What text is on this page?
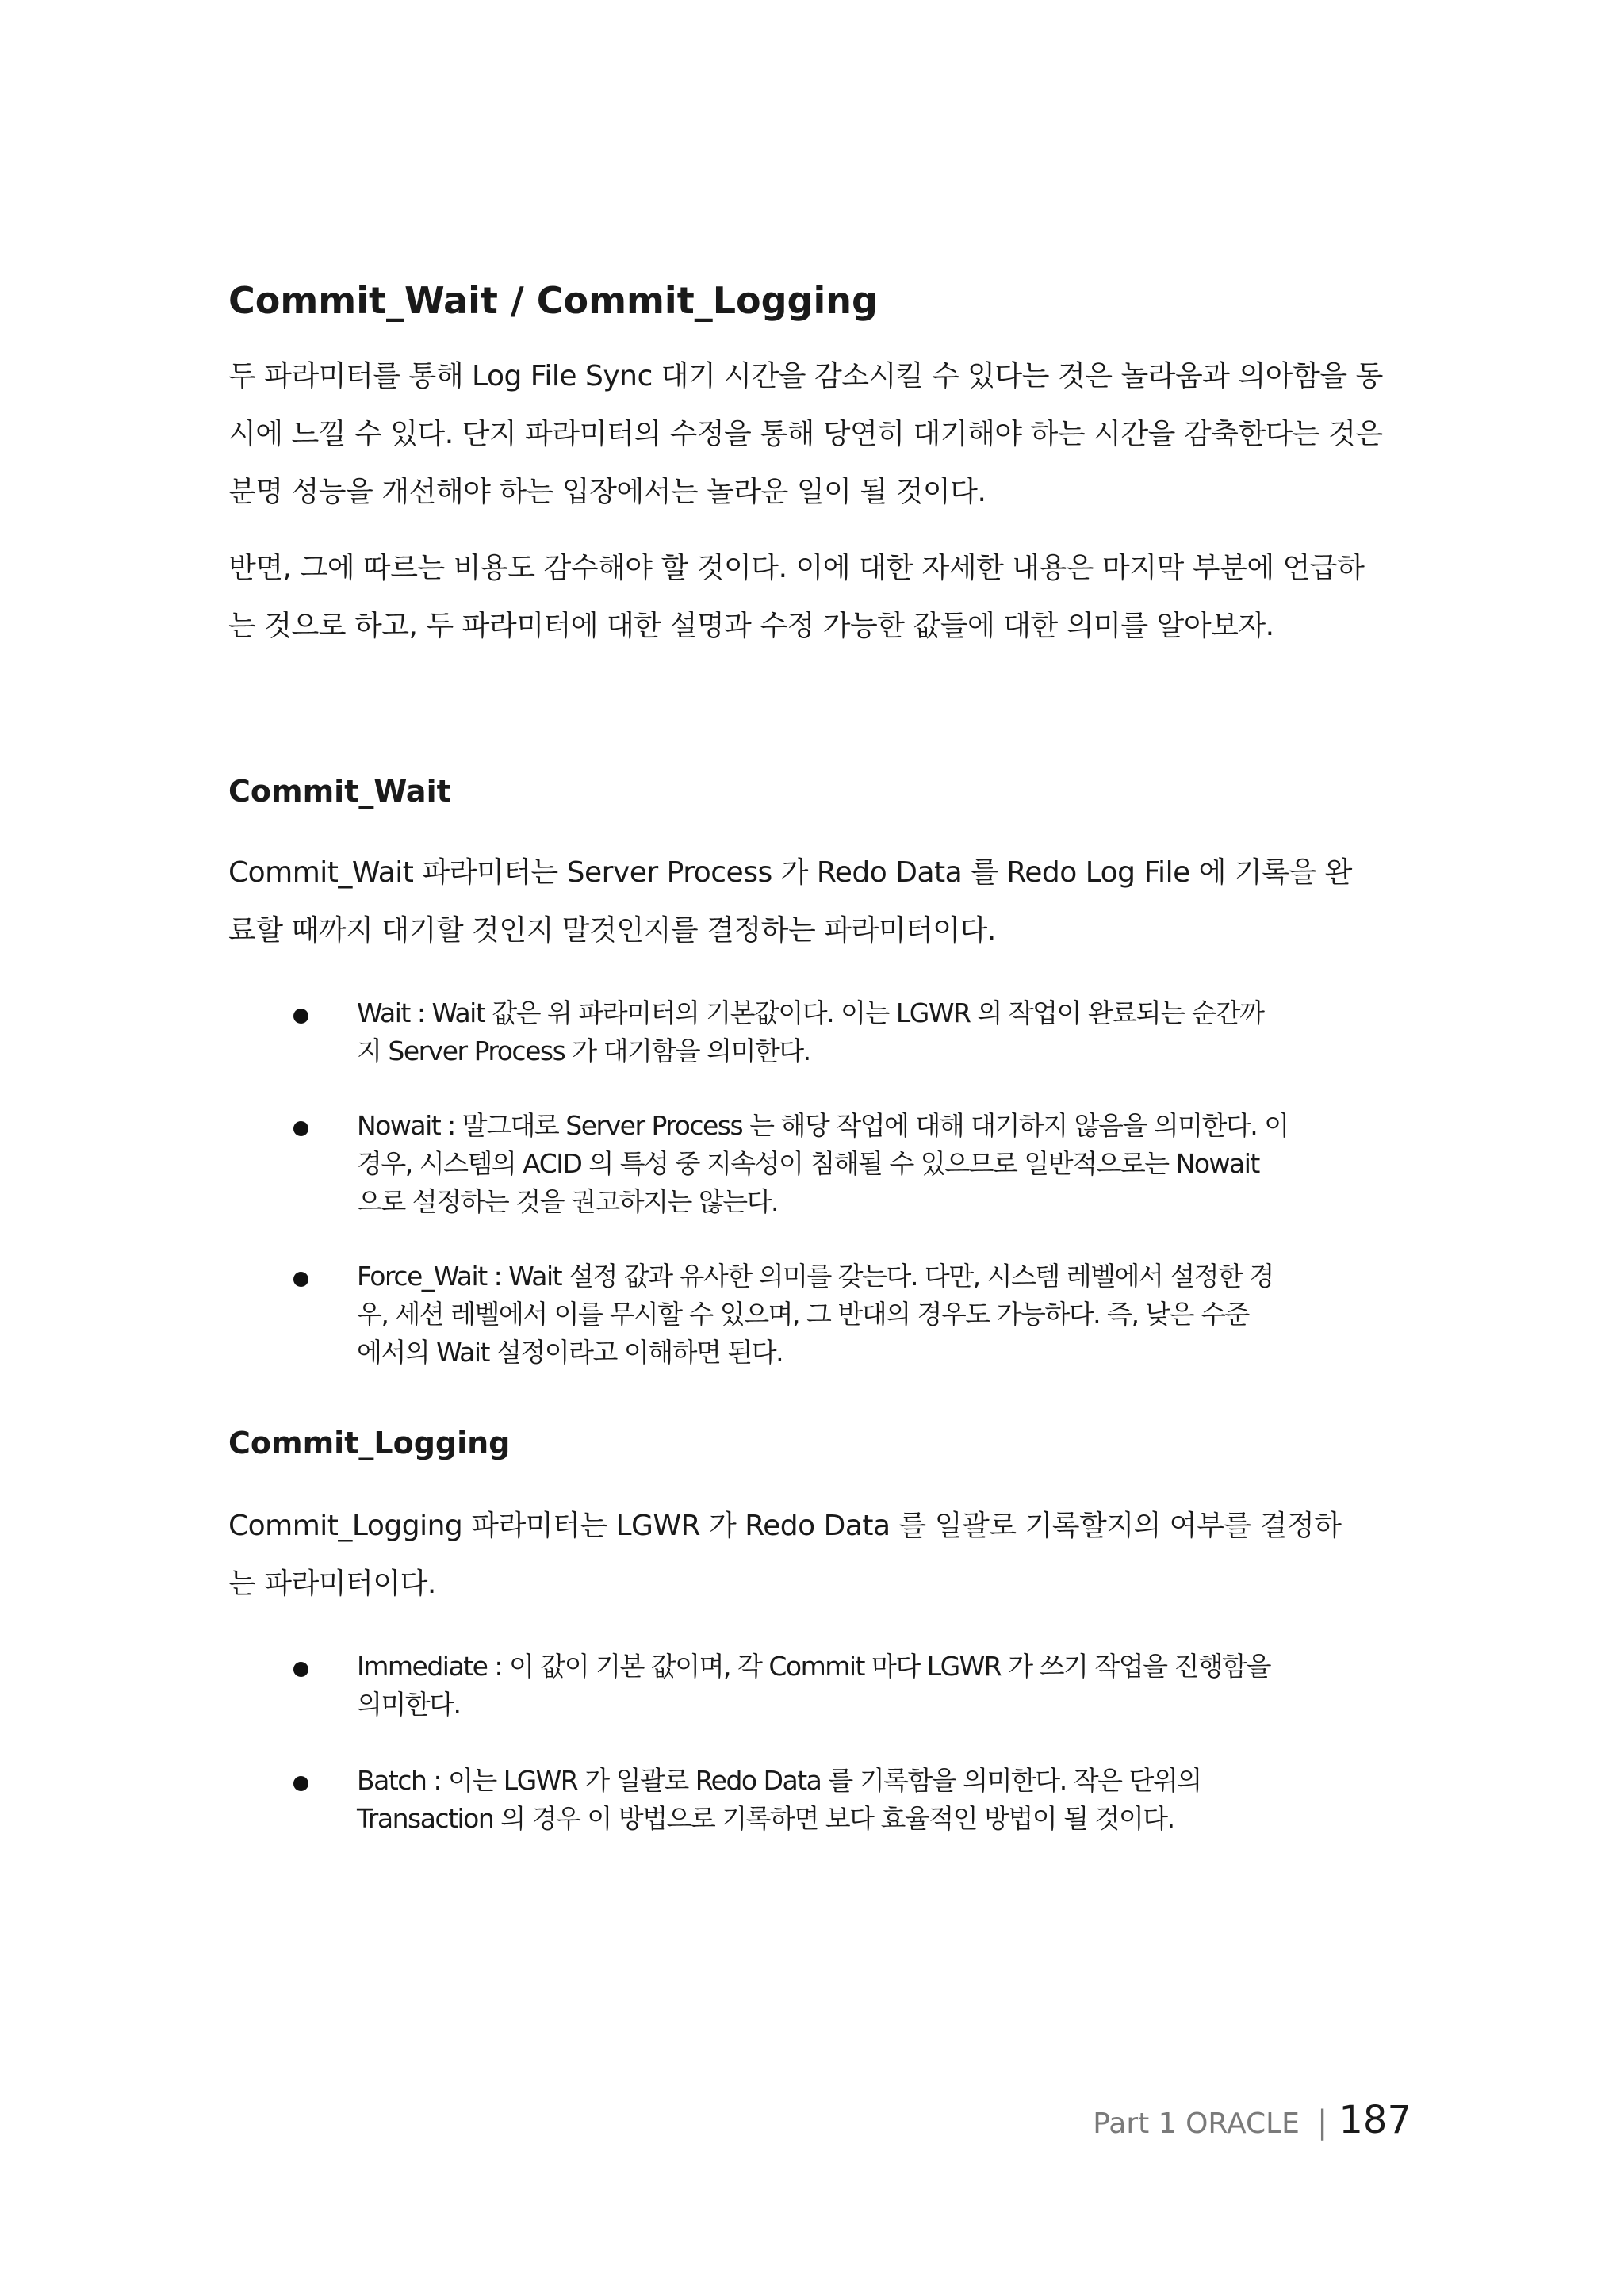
Commit_Wait / Commit_Logging
두 파라미터를 통해 Log File Sync 대기 시간을 감소시킬 수 있다는 것은 놀라움과 의아함을 동
시에 느낄 수 있다. 단지 파라미터의 수정을 통해 당연히 대기해야 하는 시간을 감축한다는 것은
분명 성능을 개선해야 하는 입장에서는 놀라운 일이 될 것이다.
반면, 그에 따르는 비용도 감수해야 할 것이다. 이에 대한 자세한 내용은 마지막 부분에 언급하
는 것으로 하고, 두 파라미터에 대한 설명과 수정 가능한 값들에 대한 의미를 알아보자.
Commit_Wait
Commit_Wait 파라미터는 Server Process 가 Redo Data 를 Redo Log File 에 기록을 완
료할 때까지 대기할 것인지 말것인지를 결정하는 파라미터이다.
Wait : Wait 값은 위 파라미터의 기본값이다. 이는 LGWR 의 작업이 완료되는 순간까
지 Server Process 가 대기함을 의미한다.
Nowait : 말그대로 Server Process 는 해당 작업에 대해 대기하지 않음을 의미한다. 이
경우, 시스템의 ACID 의 특성 중 지속성이 침해될 수 있으므로 일반적으로는 Nowait
으로 설정하는 것을 권고하지는 않는다.
Force_Wait : Wait 설정 값과 유사한 의미를 갖는다. 다만, 시스템 레벨에서 설정한 경
우, 세션 레벨에서 이를 무시할 수 있으며, 그 반대의 경우도 가능하다. 즉, 낮은 수준
에서의 Wait 설정이라고 이해하면 된다.
Commit_Logging
Commit_Logging 파라미터는 LGWR 가 Redo Data 를 일괄로 기록할지의 여부를 결정하
는 파라미터이다.
Immediate : 이 값이 기본 값이며, 각 Commit 마다 LGWR 가 쓰기 작업을 진행함을
의미한다.
Batch : 이는 LGWR 가 일괄로 Redo Data 를 기록함을 의미한다. 작은 단위의
Transaction 의 경우 이 방법으로 기록하면 보다 효율적인 방법이 될 것이다.
Part 1 ORACLE | 187
